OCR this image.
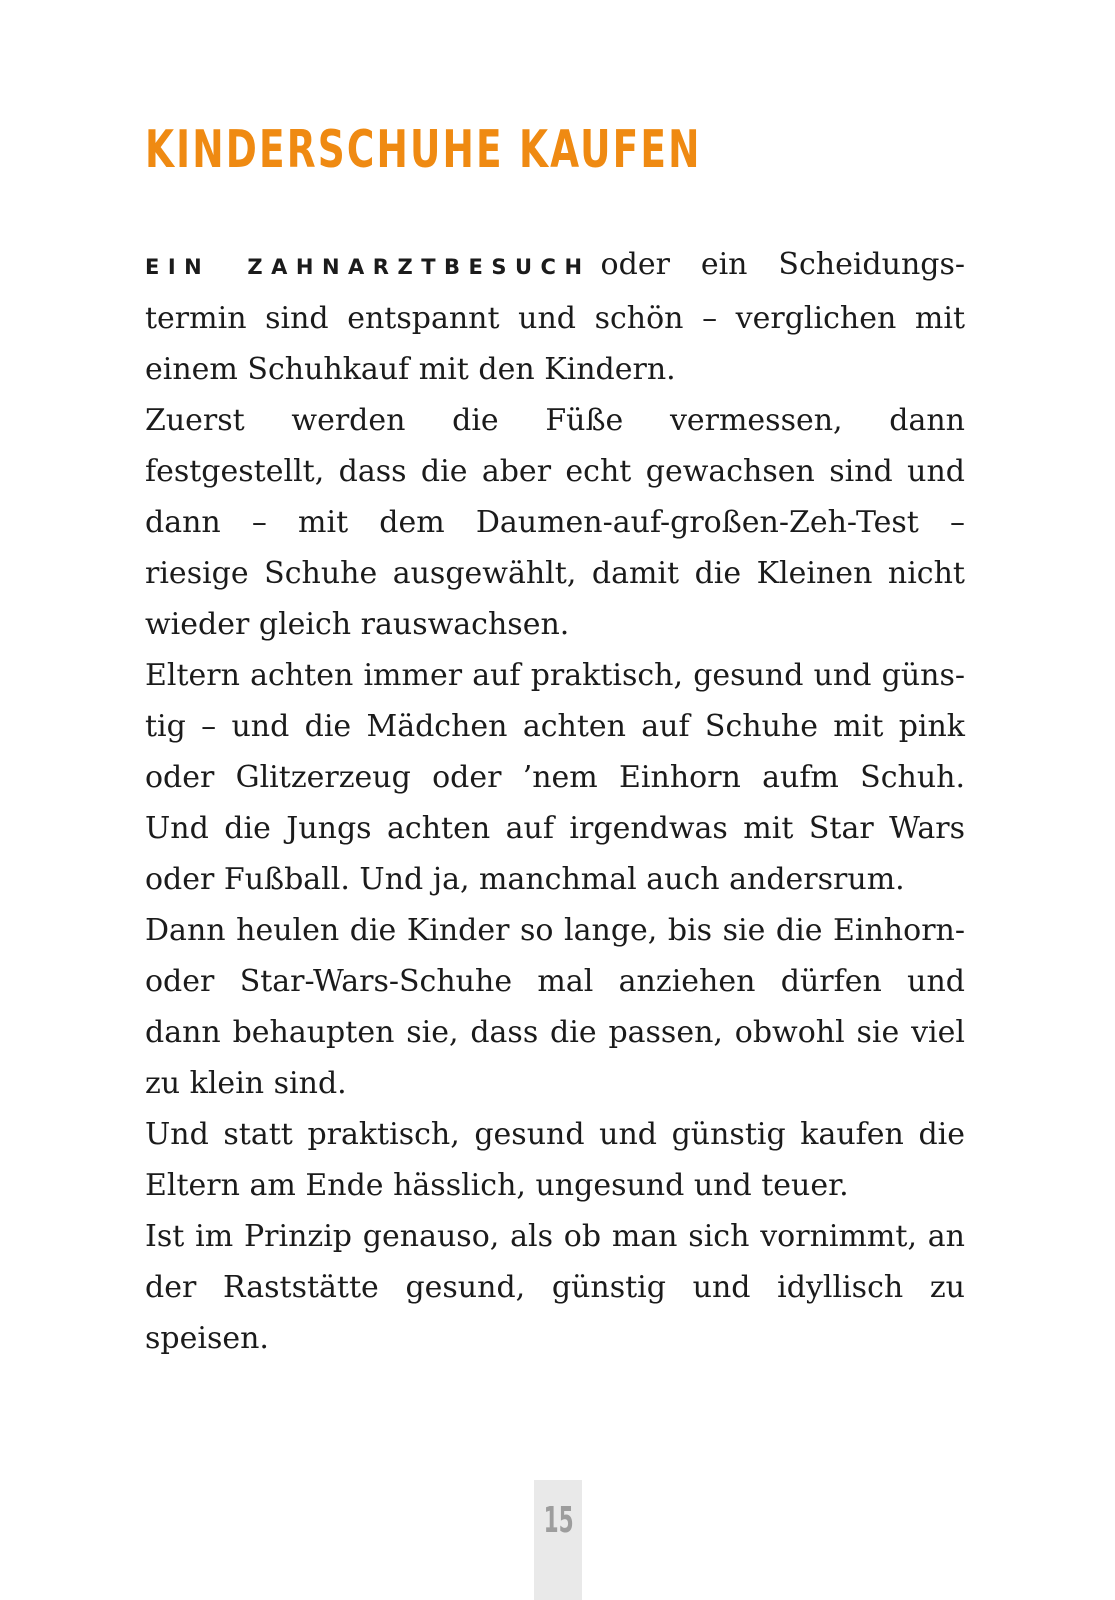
KINDERSCHUHE KAUFEN

EIN ZAHNARZTBESUCH oder ein Scheidungstermin sind entspannt und schön – verglichen mit einem Schuhkauf mit den Kindern.

Zuerst werden die Füße vermessen, dann festgestellt, dass die aber echt gewachsen sind und dann – mit dem Daumen-auf-großen-Zeh-Test – riesige Schuhe ausgewählt, damit die Kleinen nicht wieder gleich rauswachsen.

Eltern achten immer auf praktisch, gesund und günstig – und die Mädchen achten auf Schuhe mit pink oder Glitzerzeug oder ’nem Einhorn aufm Schuh. Und die Jungs achten auf irgendwas mit Star Wars oder Fußball. Und ja, manchmal auch andersrum.

Dann heulen die Kinder so lange, bis sie die Einhorn- oder Star-Wars-Schuhe mal anziehen dürfen und dann behaupten sie, dass die passen, obwohl sie viel zu klein sind.

Und statt praktisch, gesund und günstig kaufen die Eltern am Ende hässlich, ungesund und teuer.

Ist im Prinzip genauso, als ob man sich vornimmt, an der Raststätte gesund, günstig und idyllisch zu speisen.

15
